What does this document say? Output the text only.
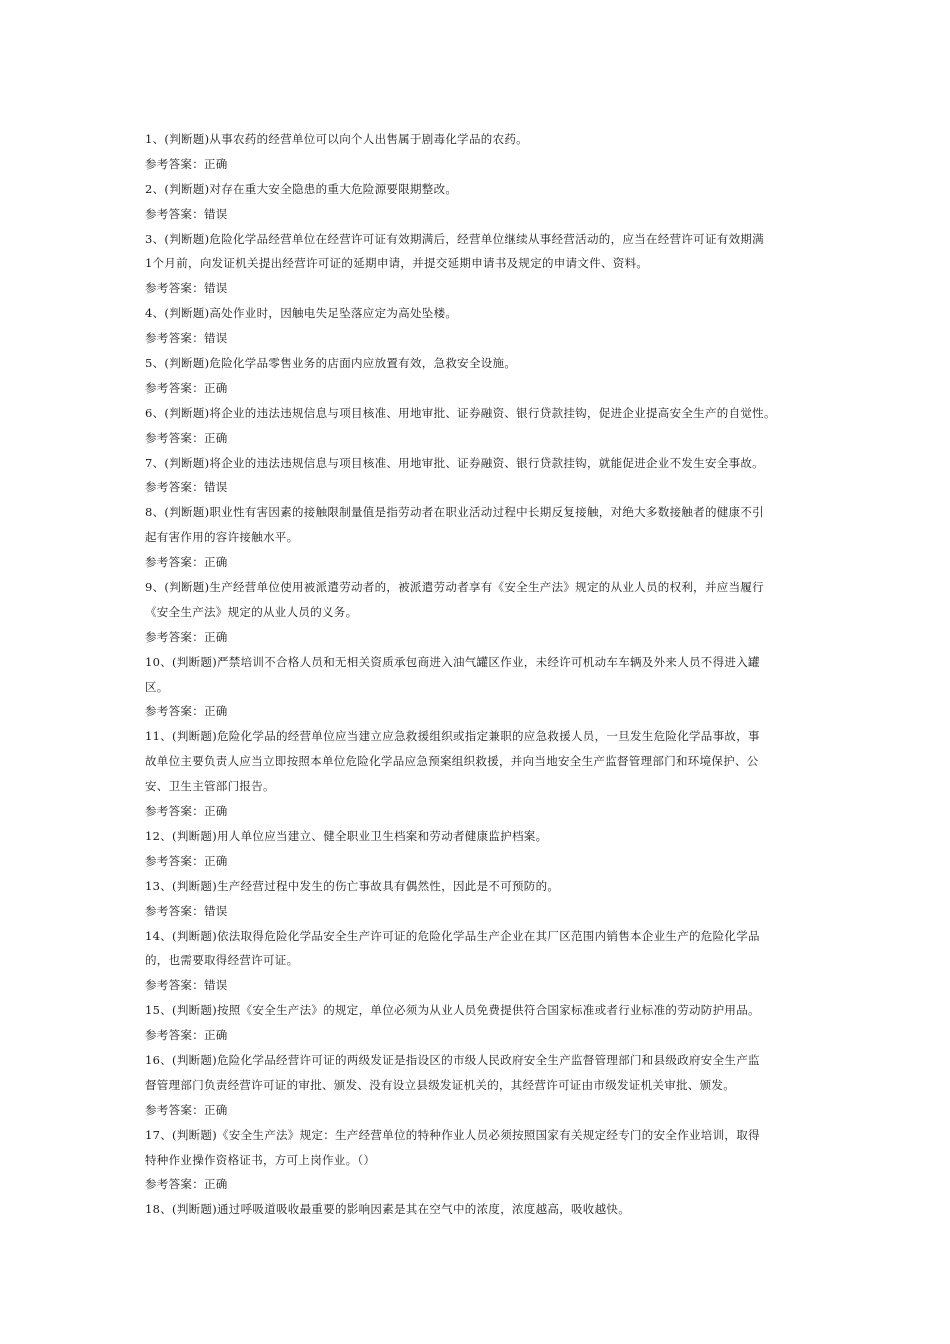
1、(判断题)从事农药的经营单位可以向个人出售属于剧毒化学品的农药。
参考答案：正确
2、(判断题)对存在重大安全隐患的重大危险源要限期整改。
参考答案：错误
3、(判断题)危险化学品经营单位在经营许可证有效期满后，经营单位继续从事经营活动的，应当在经营许可证有效期满
1个月前，向发证机关提出经营许可证的延期申请，并提交延期申请书及规定的申请文件、资料。
参考答案：错误
4、(判断题)高处作业时，因触电失足坠落应定为高处坠楼。
参考答案：错误
5、(判断题)危险化学品零售业务的店面内应放置有效，急救安全设施。
参考答案：正确
6、(判断题)将企业的违法违规信息与项目核准、用地审批、证券融资、银行贷款挂钩，促进企业提高安全生产的自觉性。
参考答案：正确
7、(判断题)将企业的违法违规信息与项目核准、用地审批、证券融资、银行贷款挂钩，就能促进企业不发生安全事故。
参考答案：错误
8、(判断题)职业性有害因素的接触限制量值是指劳动者在职业活动过程中长期反复接触，对绝大多数接触者的健康不引
起有害作用的容许接触水平。
参考答案：正确
9、(判断题)生产经营单位使用被派遣劳动者的，被派遣劳动者享有《安全生产法》规定的从业人员的权利，并应当履行
《安全生产法》规定的从业人员的义务。
参考答案：正确
10、(判断题)严禁培训不合格人员和无相关资质承包商进入油气罐区作业，未经许可机动车车辆及外来人员不得进入罐
区。
参考答案：正确
11、(判断题)危险化学品的经营单位应当建立应急救援组织或指定兼职的应急救援人员，一旦发生危险化学品事故，事
故单位主要负责人应当立即按照本单位危险化学品应急预案组织救援，并向当地安全生产监督管理部门和环境保护、公
安、卫生主管部门报告。
参考答案：正确
12、(判断题)用人单位应当建立、健全职业卫生档案和劳动者健康监护档案。
参考答案：正确
13、(判断题)生产经营过程中发生的伤亡事故具有偶然性，因此是不可预防的。
参考答案：错误
14、(判断题)依法取得危险化学品安全生产许可证的危险化学品生产企业在其厂区范围内销售本企业生产的危险化学品
的，也需要取得经营许可证。
参考答案：错误
15、(判断题)按照《安全生产法》的规定，单位必须为从业人员免费提供符合国家标准或者行业标准的劳动防护用品。
参考答案：正确
16、(判断题)危险化学品经营许可证的两级发证是指设区的市级人民政府安全生产监督管理部门和县级政府安全生产监
督管理部门负责经营许可证的审批、颁发、没有设立县级发证机关的，其经营许可证由市级发证机关审批、颁发。
参考答案：正确
17、(判断题)《安全生产法》规定：生产经营单位的特种作业人员必须按照国家有关规定经专门的安全作业培训，取得
特种作业操作资格证书，方可上岗作业。（）
参考答案：正确
18、(判断题)通过呼吸道吸收最重要的影响因素是其在空气中的浓度，浓度越高，吸收越快。
